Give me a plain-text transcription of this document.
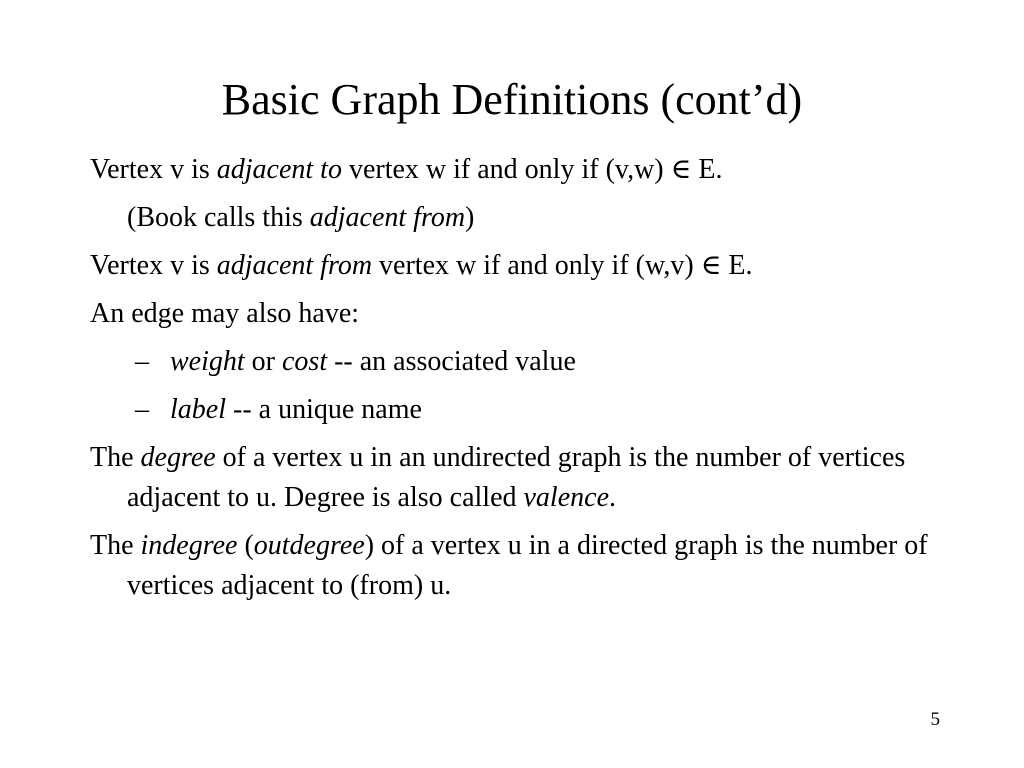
Basic Graph Definitions (cont’d)

Vertex v is adjacent to vertex w if and only if (v,w) ∈ E.

(Book calls this adjacent from)

Vertex v is adjacent from vertex w if and only if (w,v) ∈ E.

An edge may also have:

– weight or cost -- an associated value

– label -- a unique name

The degree of a vertex u in an undirected graph is the number of vertices adjacent to u. Degree is also called valence.

The indegree (outdegree) of a vertex u in a directed graph is the number of vertices adjacent to (from) u.

5
